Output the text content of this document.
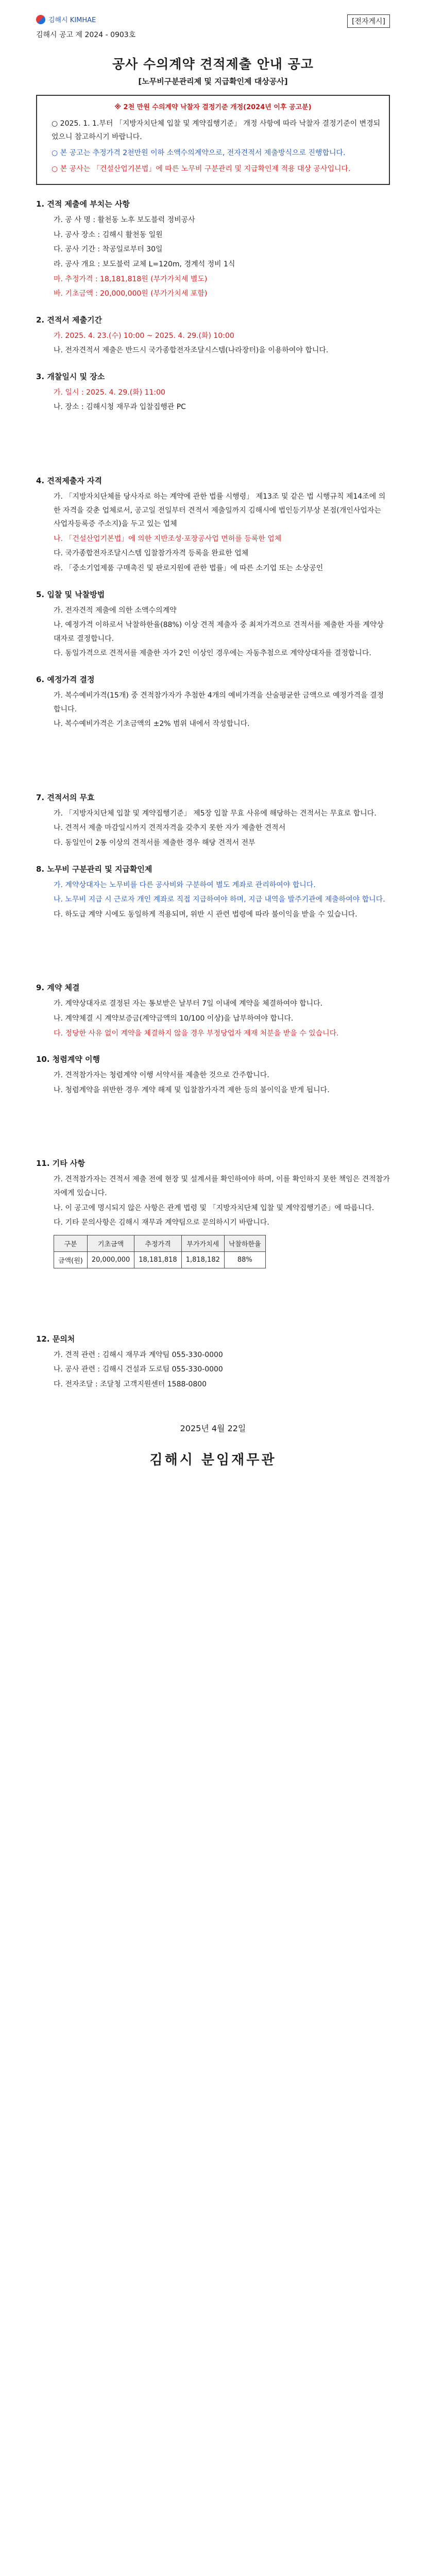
김해시 KIMHAE
김해시 공고 제 2024 - 0903호
[전자게시]
공사 수의계약 견적제출 안내 공고
[노무비구분관리제 및 지급확인제 대상공사]
※ 2천 만원 수의계약 낙찰자 결정기준 개정(2024년 이후 공고분)
○ 2025. 1. 1.부터 「지방자치단체 입찰 및 계약집행기준」 개정 사항에 따라 낙찰자 결정기준이 변경되었으니 참고하시기 바랍니다.
○ 본 공고는 추정가격 2천만원 이하 소액수의계약으로, 전자견적서 제출방식으로 진행합니다.
○ 본 공사는 「건설산업기본법」에 따른 노무비 구분관리 및 지급확인제 적용 대상 공사입니다.
1. 견적 제출에 부치는 사항
가. 공 사 명 : 활천동 노후 보도블럭 정비공사
나. 공사 장소 : 김해시 활천동 일원
다. 공사 기간 : 착공일로부터 30일
라. 공사 개요 : 보도블럭 교체 L=120m, 경계석 정비 1식
마. 추정가격 : 18,181,818원 (부가가치세 별도)
바. 기초금액 : 20,000,000원 (부가가치세 포함)
2. 견적서 제출기간
가. 2025. 4. 23.(수) 10:00 ~ 2025. 4. 29.(화) 10:00
나. 전자견적서 제출은 반드시 국가종합전자조달시스템(나라장터)을 이용하여야 합니다.
3. 개찰일시 및 장소
가. 일시 : 2025. 4. 29.(화) 11:00
나. 장소 : 김해시청 재무과 입찰집행관 PC
4. 견적제출자 자격
가. 「지방자치단체를 당사자로 하는 계약에 관한 법률 시행령」 제13조 및 같은 법 시행규칙 제14조에 의한 자격을 갖춘 업체로서, 공고일 전일부터 견적서 제출일까지 김해시에 법인등기부상 본점(개인사업자는 사업자등록증 주소지)을 두고 있는 업체
나. 「건설산업기본법」에 의한 지반조성·포장공사업 면허를 등록한 업체
다. 국가종합전자조달시스템 입찰참가자격 등록을 완료한 업체
라. 「중소기업제품 구매촉진 및 판로지원에 관한 법률」에 따른 소기업 또는 소상공인
5. 입찰 및 낙찰방법
가. 전자견적 제출에 의한 소액수의계약
나. 예정가격 이하로서 낙찰하한율(88%) 이상 견적 제출자 중 최저가격으로 견적서를 제출한 자를 계약상대자로 결정합니다.
다. 동일가격으로 견적서를 제출한 자가 2인 이상인 경우에는 자동추첨으로 계약상대자를 결정합니다.
6. 예정가격 결정
가. 복수예비가격(15개) 중 견적참가자가 추첨한 4개의 예비가격을 산술평균한 금액으로 예정가격을 결정합니다.
나. 복수예비가격은 기초금액의 ±2% 범위 내에서 작성합니다.
7. 견적서의 무효
가. 「지방자치단체 입찰 및 계약집행기준」 제5장 입찰 무효 사유에 해당하는 견적서는 무효로 합니다.
나. 견적서 제출 마감일시까지 견적자격을 갖추지 못한 자가 제출한 견적서
다. 동일인이 2통 이상의 견적서를 제출한 경우 해당 견적서 전부
8. 노무비 구분관리 및 지급확인제
가. 계약상대자는 노무비를 다른 공사비와 구분하여 별도 계좌로 관리하여야 합니다.
나. 노무비 지급 시 근로자 개인 계좌로 직접 지급하여야 하며, 지급 내역을 발주기관에 제출하여야 합니다.
다. 하도급 계약 시에도 동일하게 적용되며, 위반 시 관련 법령에 따라 불이익을 받을 수 있습니다.
9. 계약 체결
가. 계약상대자로 결정된 자는 통보받은 날부터 7일 이내에 계약을 체결하여야 합니다.
나. 계약체결 시 계약보증금(계약금액의 10/100 이상)을 납부하여야 합니다.
다. 정당한 사유 없이 계약을 체결하지 않을 경우 부정당업자 제재 처분을 받을 수 있습니다.
10. 청렴계약 이행
가. 견적참가자는 청렴계약 이행 서약서를 제출한 것으로 간주합니다.
나. 청렴계약을 위반한 경우 계약 해제 및 입찰참가자격 제한 등의 불이익을 받게 됩니다.
11. 기타 사항
가. 견적참가자는 견적서 제출 전에 현장 및 설계서를 확인하여야 하며, 이를 확인하지 못한 책임은 견적참가자에게 있습니다.
나. 이 공고에 명시되지 않은 사항은 관계 법령 및 「지방자치단체 입찰 및 계약집행기준」에 따릅니다.
다. 기타 문의사항은 김해시 재무과 계약팀으로 문의하시기 바랍니다.
구분	기초금액	추정가격	부가가치세	낙찰하한율
금액(원)	20,000,000	18,181,818	1,818,182	88%
12. 문의처
가. 견적 관련 : 김해시 재무과 계약팀 055-330-0000
나. 공사 관련 : 김해시 건설과 도로팀 055-330-0000
다. 전자조달 : 조달청 고객지원센터 1588-0800
2025년 4월 22일
김해시 분임재무관
